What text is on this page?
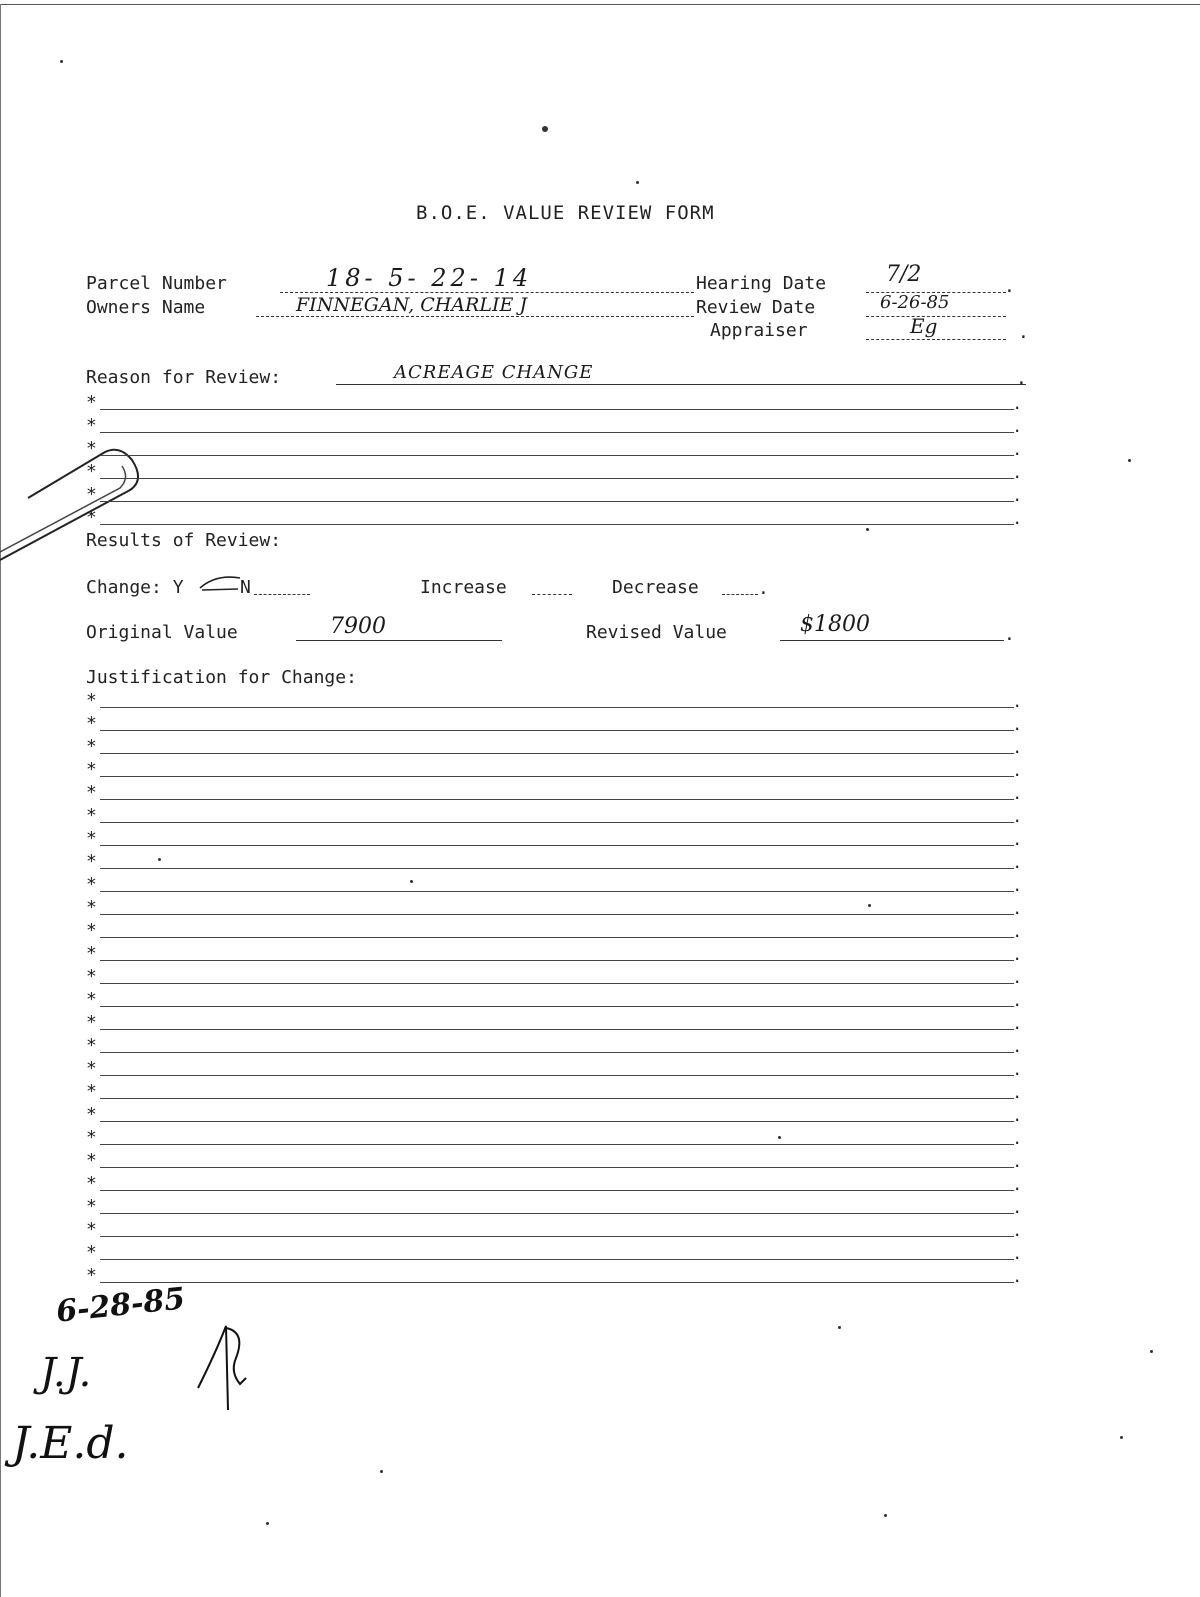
B.O.E. VALUE REVIEW FORM
Parcel Number	18- 5- 22- 14	Hearing Date	7/2	.
Owners Name	FINNEGAN, CHARLIE J	Review Date	6-26-85
Appraiser	Eg	.
Reason for Review:	ACREAGE CHANGE	.
*	.
*	.
*	.
*	.
*	.
*	.
Results of Review:
Change: Y	N	Increase	Decrease	.
Original Value	7900	Revised Value	$1800	.
Justification for Change:
*	.
*	.
*	.
*	.
*	.
*	.
*	.
*	.
*	.
*	.
*	.
*	.
*	.
*	.
*	.
*	.
*	.
*	.
*	.
*	.
*	.
*	.
*	.
*	.
*	.
*	.
6-28-85
J.J.
J.E.d.
